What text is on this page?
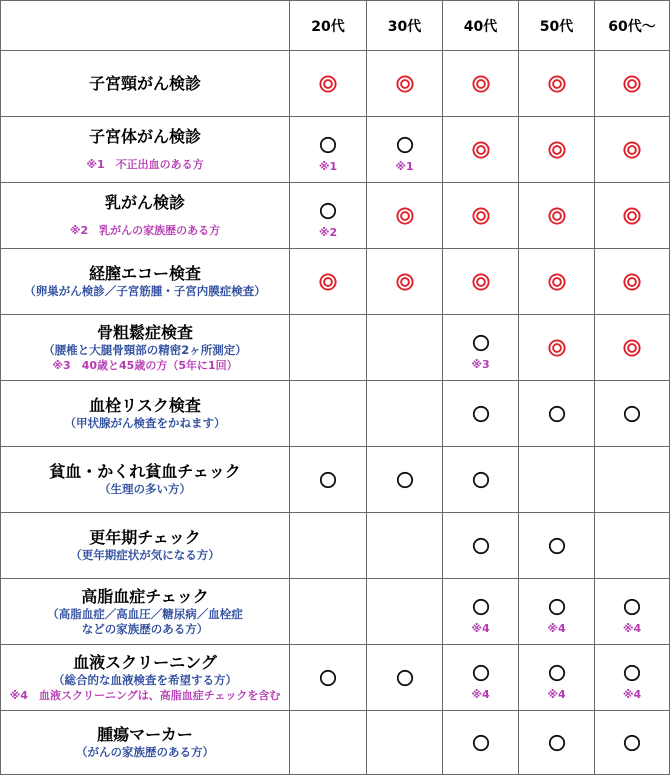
	20代	30代	40代	50代	60代〜

子宮頸がん検診

子宮体がん検診
※1　不正出血のある方	※1	※1

乳がん検診
※2　乳がんの家族歴のある方	※2

経膣エコー検査
（卵巣がん検診／子宮筋腫・子宮内膜症検査）

骨粗鬆症検査
（腰椎と大腿骨頸部の精密2ヶ所測定）
※3　40歳と45歳の方（5年に1回）			※3

血栓リスク検査
（甲状腺がん検査をかねます）

貧血・かくれ貧血チェック
（生理の多い方）

更年期チェック
（更年期症状が気になる方）

高脂血症チェック
（高脂血症／高血圧／糖尿病／血栓症
などの家族歴のある方）			※4	※4	※4

血液スクリーニング
（総合的な血液検査を希望する方）
※4　血液スクリーニングは、高脂血症チェックを含む			※4	※4	※4

腫瘍マーカー
（がんの家族歴のある方）
